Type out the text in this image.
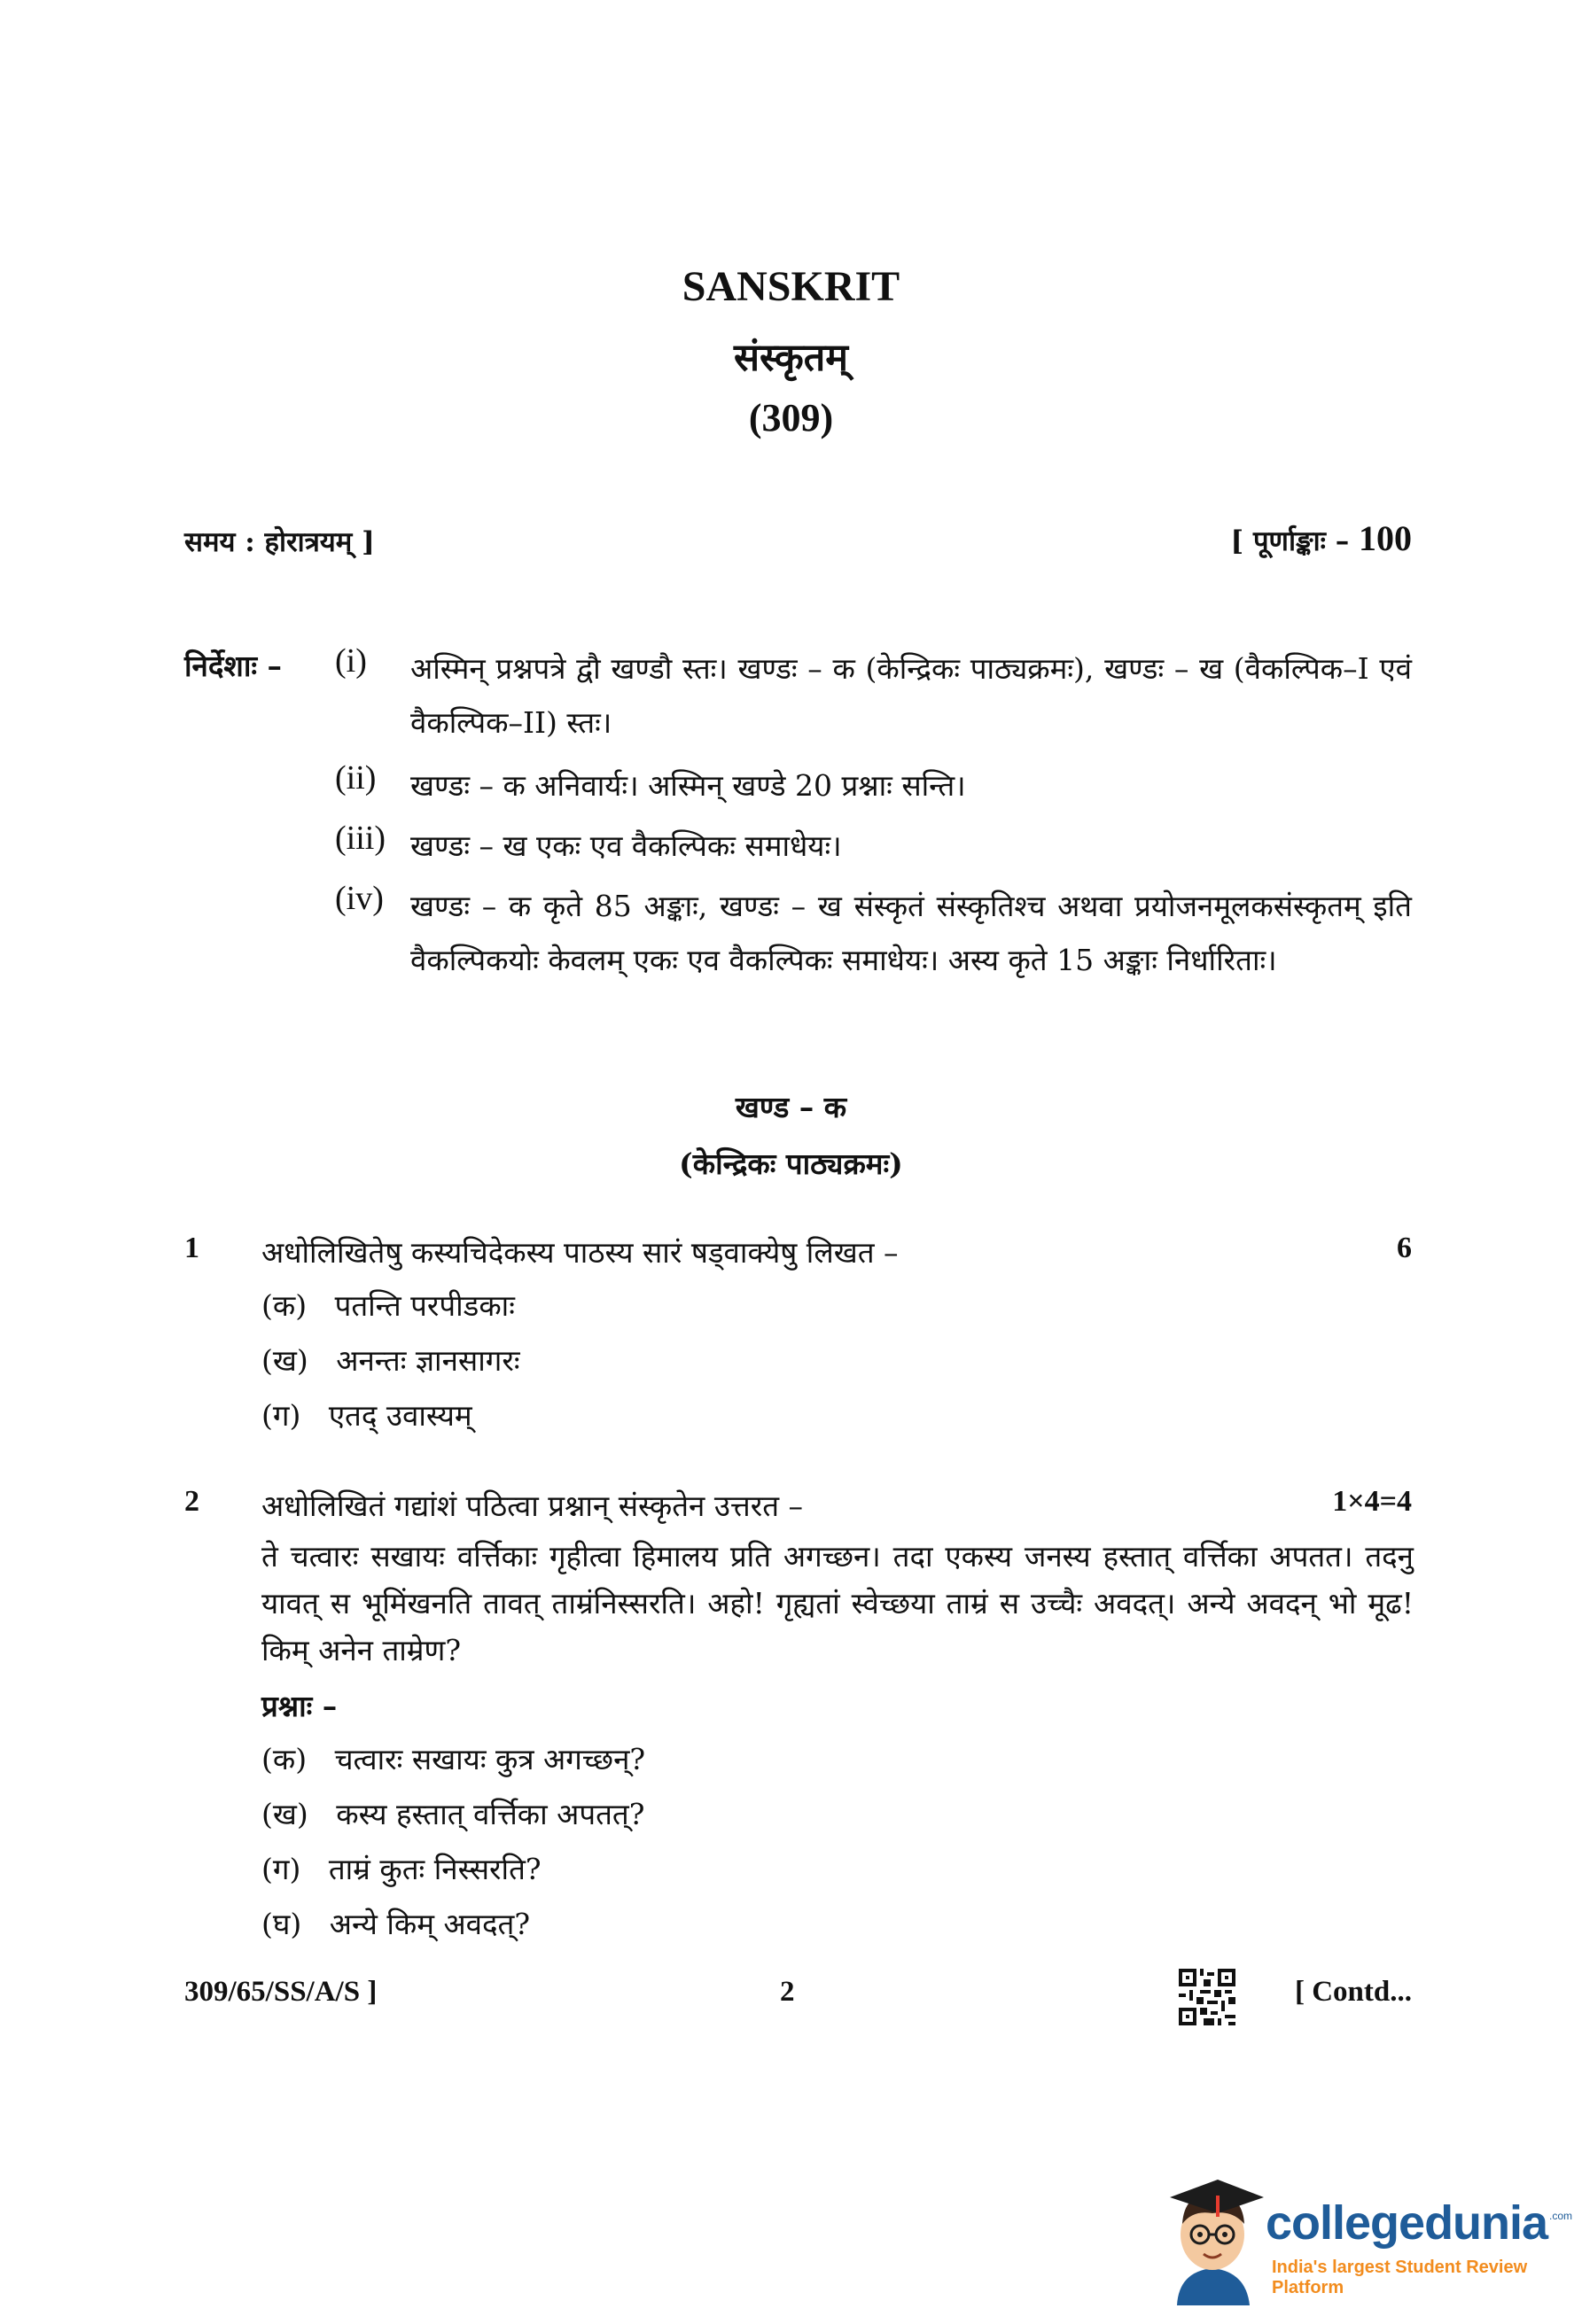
SANSKRIT
संस्कृतम्
(309)
समय : होरात्रयम् ]	[ पूर्णाङ्काः – 100
निर्देशाः – (i)	अस्मिन् प्रश्नपत्रे द्वौ खण्डौ स्तः। खण्डः – क (केन्द्रिकः पाठ्यक्रमः), खण्डः – ख (वैकल्पिक–I एवं वैकल्पिक–II) स्तः।
(ii)	खण्डः – क अनिवार्यः। अस्मिन् खण्डे 20 प्रश्नाः सन्ति।
(iii) खण्डः – ख एकः एव वैकल्पिकः समाधेयः।
(iv) खण्डः – क कृते 85 अङ्काः, खण्डः – ख संस्कृतं संस्कृतिश्च अथवा प्रयोजनमूलकसंस्कृतम् इति वैकल्पिकयोः केवलम् एकः एव वैकल्पिकः समाधेयः। अस्य कृते 15 अङ्काः निर्धारिताः।
खण्ड – क
(केन्द्रिकः पाठ्यक्रमः)
1 अधोलिखितेषु कस्यचिदेकस्य पाठस्य सारं षड्वाक्येषु लिखत –	6
(क) पतन्ति परपीडकाः
(ख) अनन्तः ज्ञानसागरः
(ग) एतद् उवास्यम्
2 अधोलिखितं गद्यांशं पठित्वा प्रश्नान् संस्कृतेन उत्तरत –	1×4=4
ते चत्वारः सखायः वर्त्तिकाः गृहीत्वा हिमालय प्रति अगच्छन। तदा एकस्य जनस्य हस्तात् वर्त्तिका अपतत। तदनु यावत् स भूमिंखनति तावत् ताम्रंनिस्सरति। अहो! गृह्यतां स्वेच्छया ताम्रं स उच्चैः अवदत्। अन्ये अवदन् भो मूढ! किम् अनेन ताम्रेण?
प्रश्नाः –
(क) चत्वारः सखायः कुत्र अगच्छन्?
(ख) कस्य हस्तात् वर्त्तिका अपतत्?
(ग) ताम्रं कुतः निस्सरति?
(घ) अन्ये किम् अवदत्?
309/65/SS/A/S ]	2	[ Contd...
collegedunia .com
India's largest Student Review Platform
